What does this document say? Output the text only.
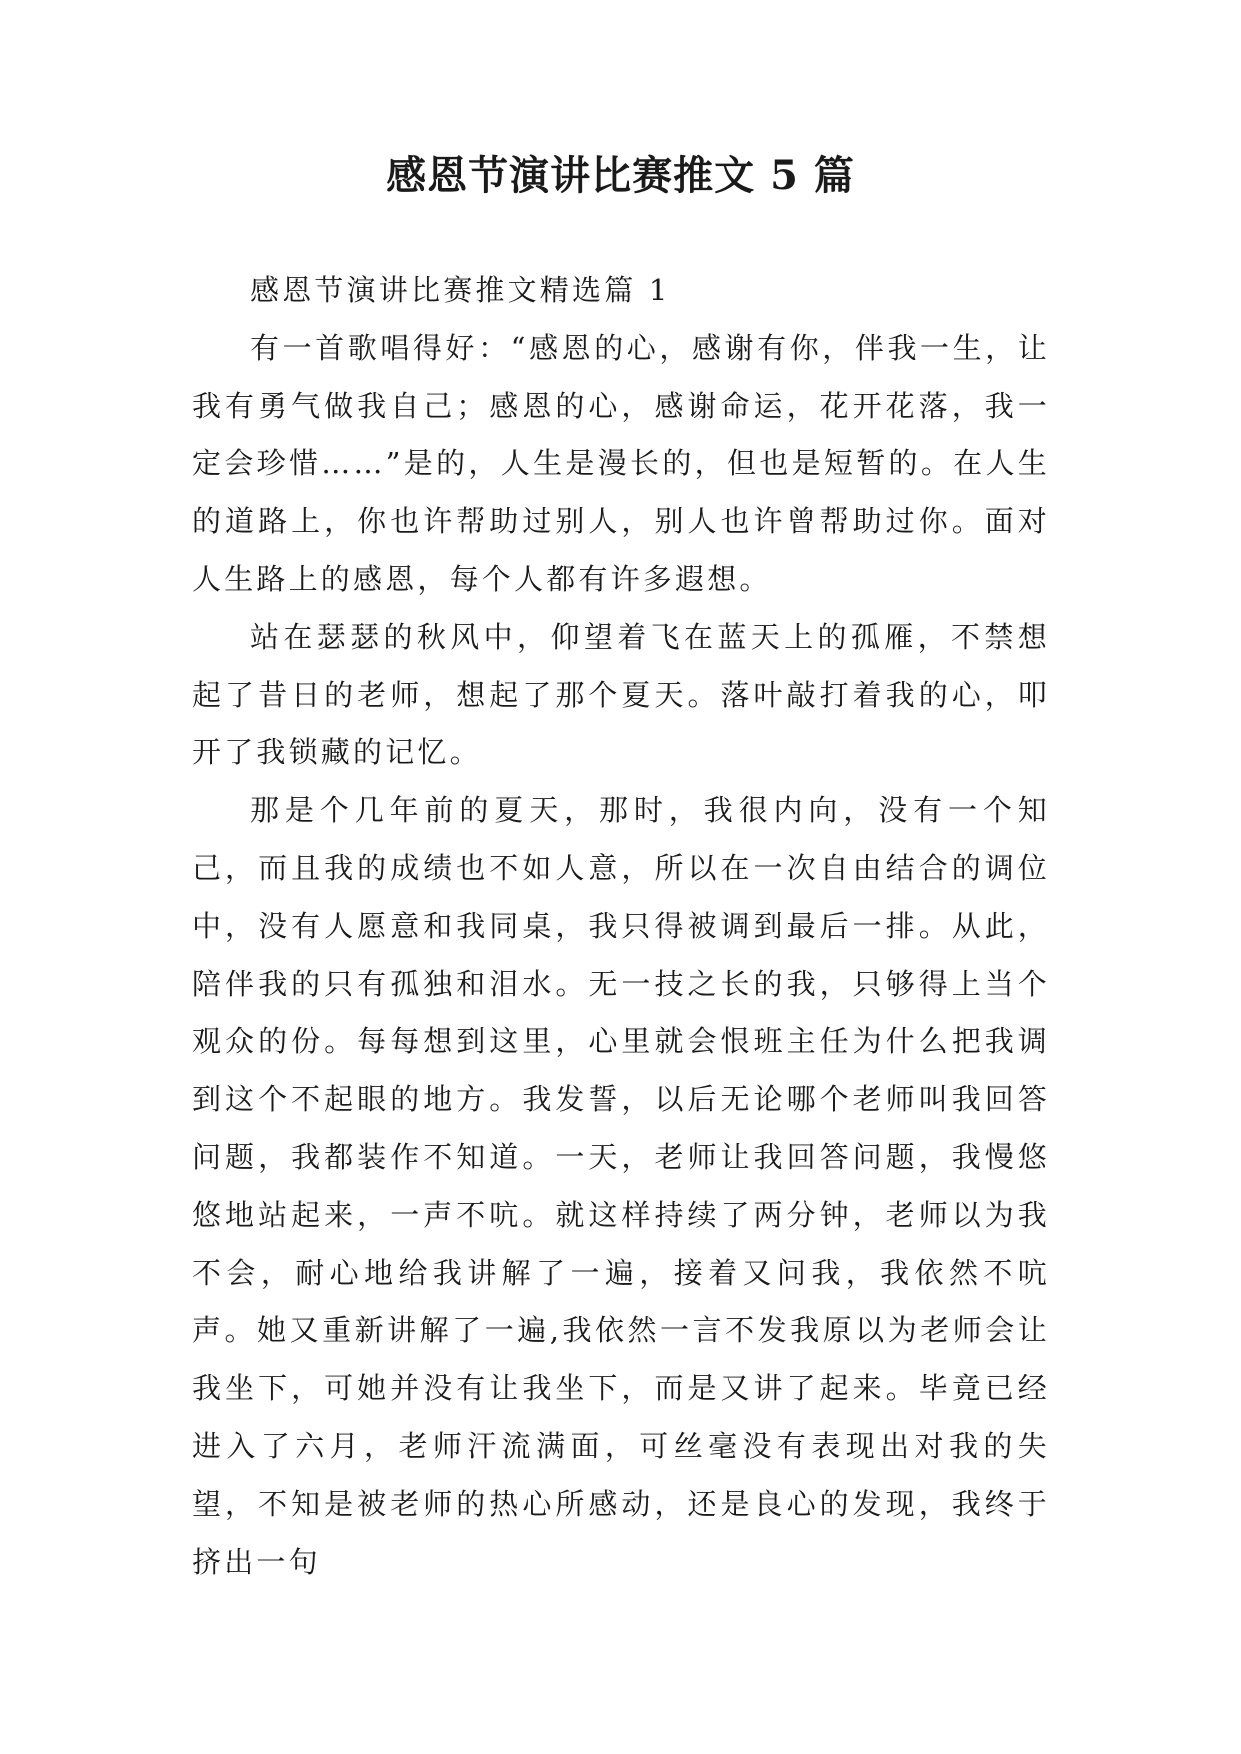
感恩节演讲比赛推文 5 篇

感恩节演讲比赛推文精选篇 1

有一首歌唱得好：“感恩的心，感谢有你，伴我一生，让我有勇气做我自己；感恩的心，感谢命运，花开花落，我一定会珍惜……”是的，人生是漫长的，但也是短暂的。在人生的道路上，你也许帮助过别人，别人也许曾帮助过你。面对人生路上的感恩，每个人都有许多遐想。

站在瑟瑟的秋风中，仰望着飞在蓝天上的孤雁，不禁想起了昔日的老师，想起了那个夏天。落叶敲打着我的心，叩开了我锁藏的记忆。

那是个几年前的夏天，那时，我很内向，没有一个知己，而且我的成绩也不如人意，所以在一次自由结合的调位中，没有人愿意和我同桌，我只得被调到最后一排。从此，陪伴我的只有孤独和泪水。无一技之长的我，只够得上当个观众的份。每每想到这里，心里就会恨班主任为什么把我调到这个不起眼的地方。我发誓，以后无论哪个老师叫我回答问题，我都装作不知道。一天，老师让我回答问题，我慢悠悠地站起来，一声不吭。就这样持续了两分钟，老师以为我不会，耐心地给我讲解了一遍，接着又问我，我依然不吭声。她又重新讲解了一遍,我依然一言不发我原以为老师会让我坐下，可她并没有让我坐下，而是又讲了起来。毕竟已经进入了六月，老师汗流满面，可丝毫没有表现出对我的失望，不知是被老师的热心所感动，还是良心的发现，我终于挤出一句
